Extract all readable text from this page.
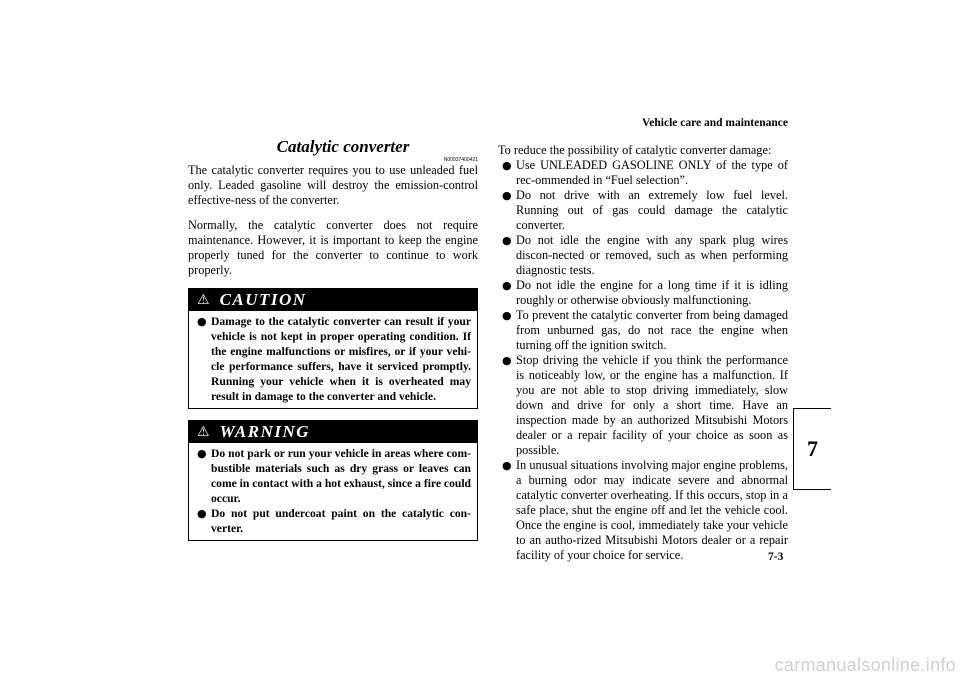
Vehicle care and maintenance
Catalytic converter
N00937400421

The catalytic converter requires you to use unleaded fuel only. Leaded gasoline will destroy the emission-control effective-ness of the converter.

Normally, the catalytic converter does not require maintenance. However, it is important to keep the engine properly tuned for the converter to continue to work properly.

⚠ CAUTION
● Damage to the catalytic converter can result if your vehicle is not kept in proper operating condition. If the engine malfunctions or misfires, or if your vehi-cle performance suffers, have it serviced promptly. Running your vehicle when it is overheated may result in damage to the converter and vehicle.
⚠ WARNING
● Do not park or run your vehicle in areas where com-bustible materials such as dry grass or leaves can come in contact with a hot exhaust, since a fire could occur.
● Do not put undercoat paint on the catalytic con-verter.

To reduce the possibility of catalytic converter damage:

● Use UNLEADED GASOLINE ONLY of the type of rec-ommended in “Fuel selection”.
● Do not drive with an extremely low fuel level. Running out of gas could damage the catalytic converter.
● Do not idle the engine with any spark plug wires discon-nected or removed, such as when performing diagnostic tests.
● Do not idle the engine for a long time if it is idling roughly or otherwise obviously malfunctioning.
● To prevent the catalytic converter from being damaged from unburned gas, do not race the engine when turning off the ignition switch.
● Stop driving the vehicle if you think the performance is noticeably low, or the engine has a malfunction. If you are not able to stop driving immediately, slow down and drive for only a short time. Have an inspection made by an authorized Mitsubishi Motors dealer or a repair facility of your choice as soon as possible.
● In unusual situations involving major engine problems, a burning odor may indicate severe and abnormal catalytic converter overheating. If this occurs, stop in a safe place, shut the engine off and let the vehicle cool. Once the engine is cool, immediately take your vehicle to an autho-rized Mitsubishi Motors dealer or a repair facility of your choice for service.
7
7-3
carmanualsonline.info
